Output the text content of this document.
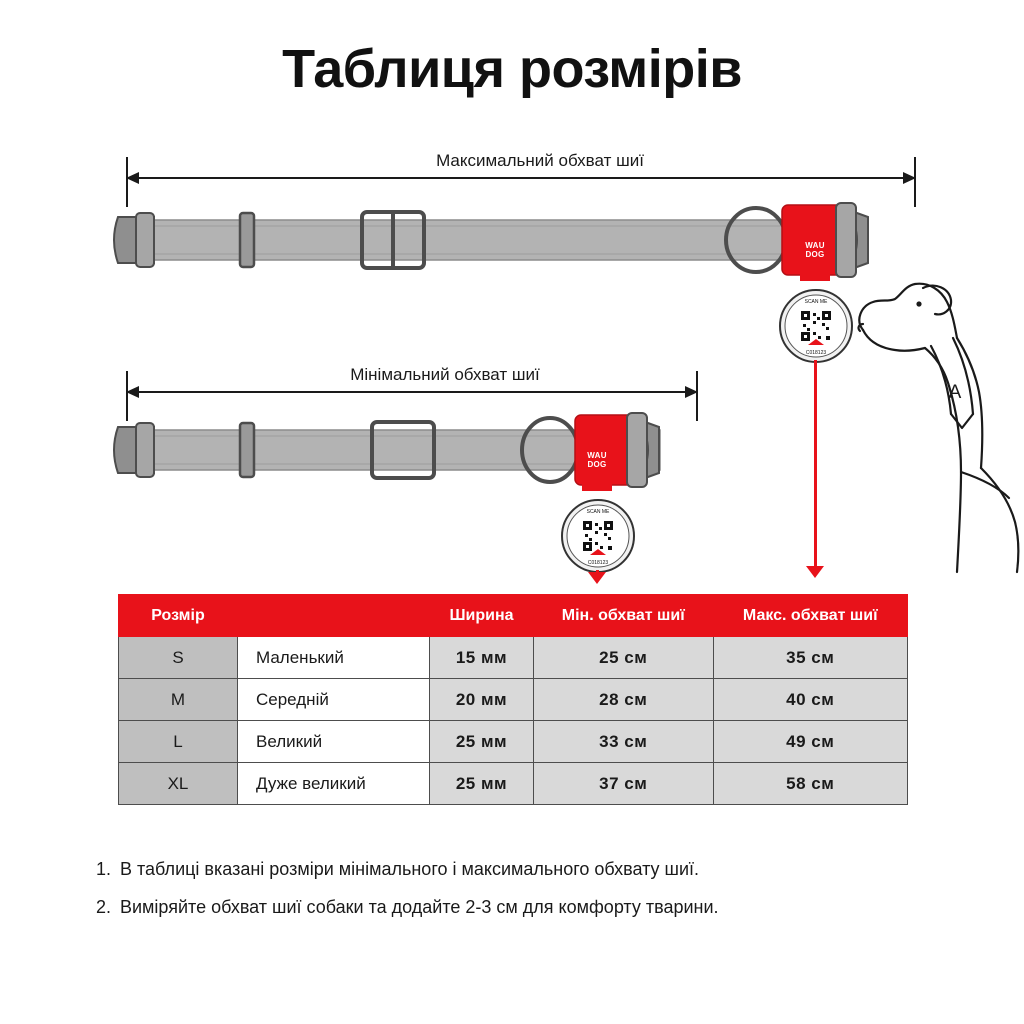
Таблиця розмірів
Максимальний обхват шиї
WAU
DOG
SCAN ME
C018123
Мінімальний обхват шиї
WAU
DOG
SCAN ME
C018123
A
Розмір		Ширина	Мін. обхват шиї	Макс. обхват шиї
S	Маленький	15 мм	25 см	35 см
M	Середній	20 мм	28 см	40 см
L	Великий	25 мм	33 см	49 см
XL	Дуже великий	25 мм	37 см	58 см
1. В таблиці вказані розміри мінімального і максимального обхвату шиї.
2. Виміряйте обхват шиї собаки та додайте 2-3 см для комфорту тварини.
